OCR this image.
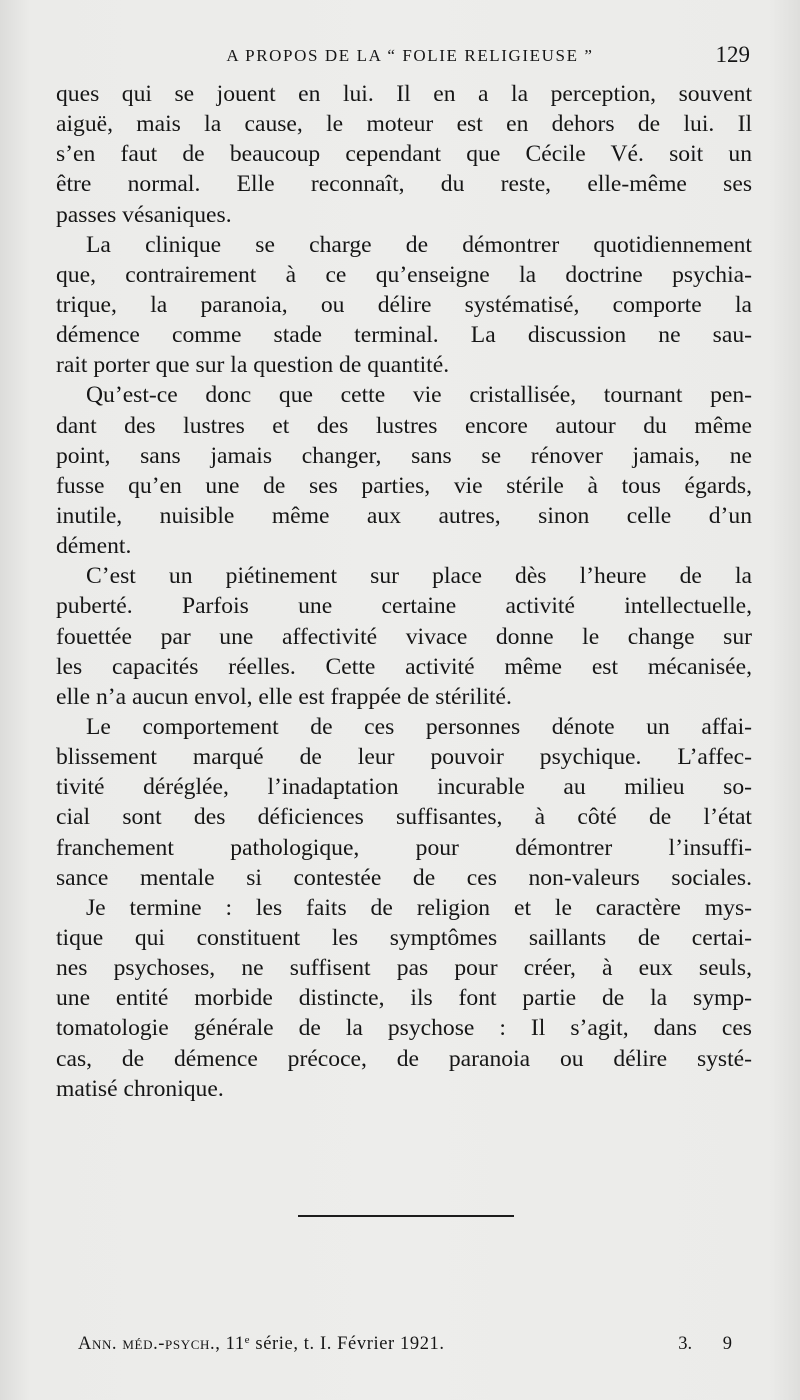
A PROPOS DE LA “ FOLIE RELIGIEUSE ”	129
ques qui se jouent en lui. Il en a la perception, souvent
aiguë, mais la cause, le moteur est en dehors de lui. Il
s’en faut de beaucoup cependant que Cécile Vé. soit un
être normal. Elle reconnaît, du reste, elle-même ses
passes vésaniques.
La clinique se charge de démontrer quotidiennement
que, contrairement à ce qu’enseigne la doctrine psychia-
trique, la paranoia, ou délire systématisé, comporte la
démence comme stade terminal. La discussion ne sau-
rait porter que sur la question de quantité.
Qu’est-ce donc que cette vie cristallisée, tournant pen-
dant des lustres et des lustres encore autour du même
point, sans jamais changer, sans se rénover jamais, ne
fusse qu’en une de ses parties, vie stérile à tous égards,
inutile, nuisible même aux autres, sinon celle d’un
dément.
C’est un piétinement sur place dès l’heure de la
puberté. Parfois une certaine activité intellectuelle,
fouettée par une affectivité vivace donne le change sur
les capacités réelles. Cette activité même est mécanisée,
elle n’a aucun envol, elle est frappée de stérilité.
Le comportement de ces personnes dénote un affai-
blissement marqué de leur pouvoir psychique. L’affec-
tivité déréglée, l’inadaptation incurable au milieu so-
cial sont des déficiences suffisantes, à côté de l’état
franchement pathologique, pour démontrer l’insuffi-
sance mentale si contestée de ces non-valeurs sociales.
Je termine : les faits de religion et le caractère mys-
tique qui constituent les symptômes saillants de certai-
nes psychoses, ne suffisent pas pour créer, à eux seuls,
une entité morbide distincte, ils font partie de la symp-
tomatologie générale de la psychose : Il s’agit, dans ces
cas, de démence précoce, de paranoia ou délire systé-
matisé chronique.
Ann. méd.-psych., 11e série, t. I. Février 1921.	3. 9
